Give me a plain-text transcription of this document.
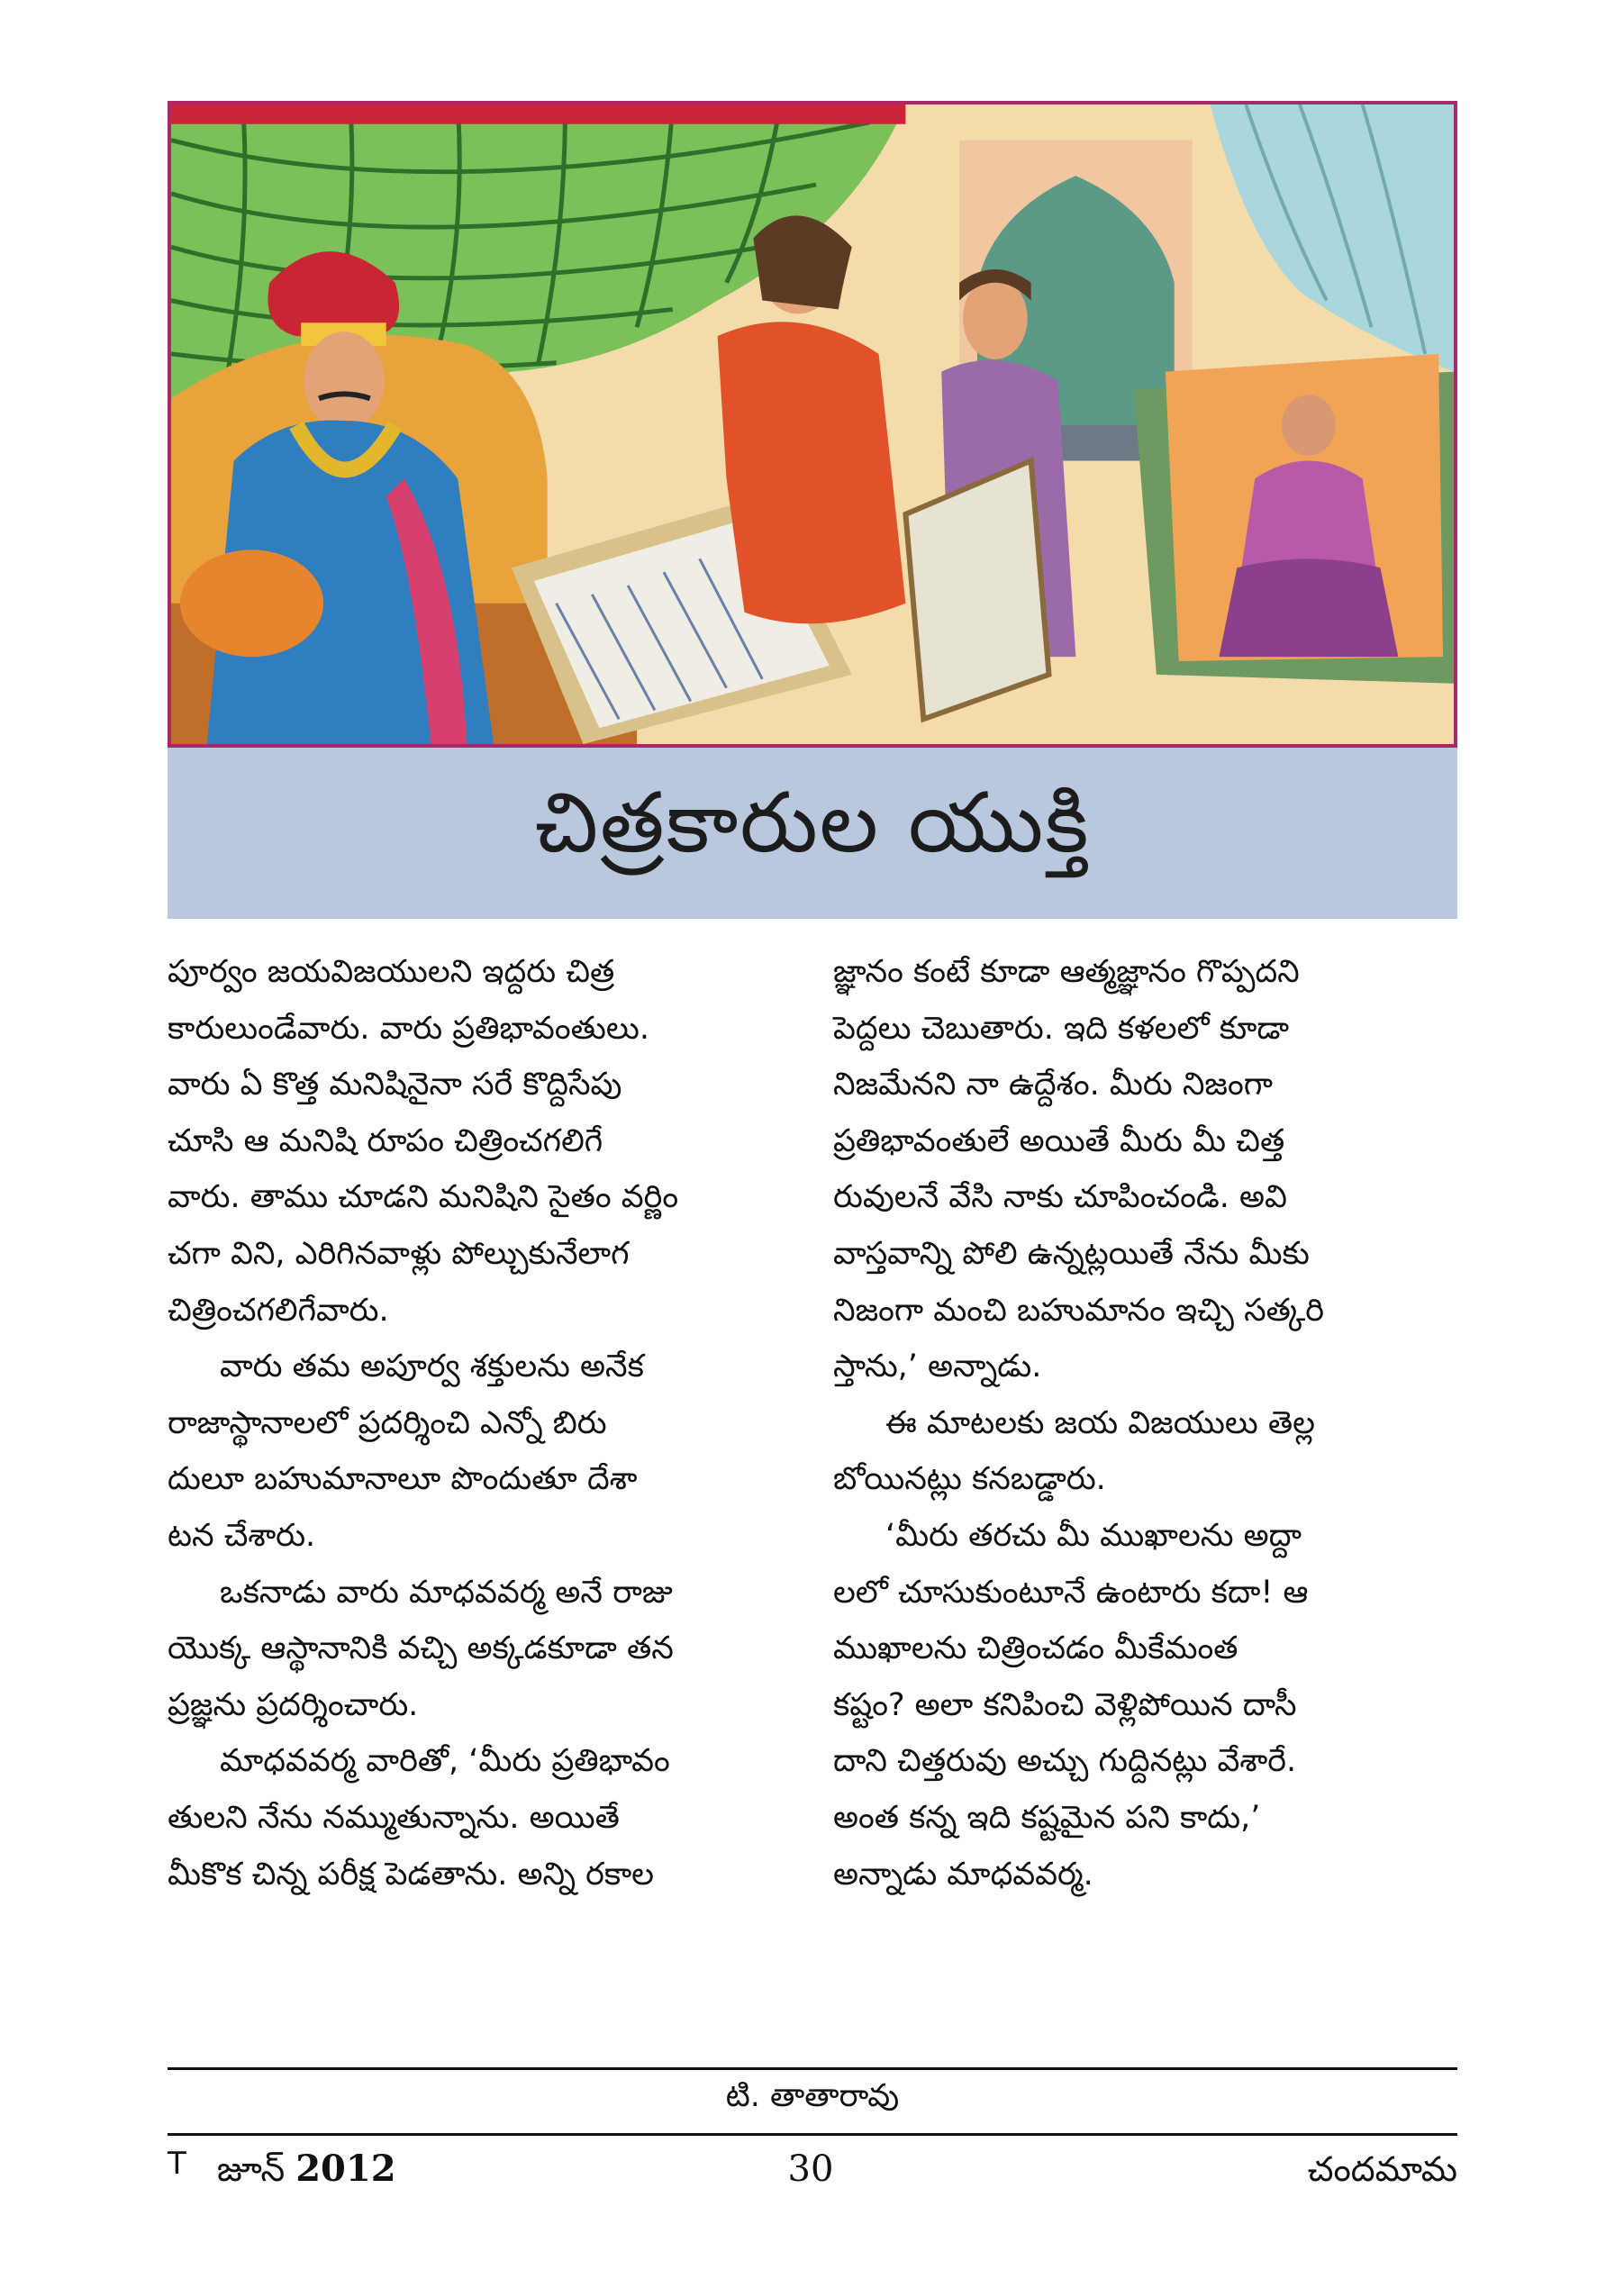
చిత్రకారుల యుక్తి

పూర్వం జయవిజయులని ఇద్దరు చిత్ర
కారులుండేవారు. వారు ప్రతిభావంతులు.
వారు ఏ కొత్త మనిషినైనా సరే కొద్దిసేపు
చూసి ఆ మనిషి రూపం చిత్రించగలిగే
వారు. తాము చూడని మనిషిని సైతం వర్ణిం
చగా విని, ఎరిగినవాళ్లు పోల్చుకునేలాగ
చిత్రించగలిగేవారు.

వారు తమ అపూర్వ శక్తులను అనేక
రాజాస్థానాలలో ప్రదర్శించి ఎన్నో బిరు
దులూ బహుమానాలూ పొందుతూ దేశా
టన చేశారు.

ఒకనాడు వారు మాధవవర్మ అనే రాజు
యొక్క ఆస్థానానికి వచ్చి అక్కడకూడా తన
ప్రజ్ఞను ప్రదర్శించారు.

మాధవవర్మ వారితో, ‘మీరు ప్రతిభావం
తులని నేను నమ్ముతున్నాను. అయితే
మీకొక చిన్న పరీక్ష పెడతాను. అన్ని రకాల

జ్ఞానం కంటే కూడా ఆత్మజ్ఞానం గొప్పదని
పెద్దలు చెబుతారు. ఇది కళలలో కూడా
నిజమేనని నా ఉద్దేశం. మీరు నిజంగా
ప్రతిభావంతులే అయితే మీరు మీ చిత్త
రువులనే వేసి నాకు చూపించండి. అవి
వాస్తవాన్ని పోలి ఉన్నట్లయితే నేను మీకు
నిజంగా మంచి బహుమానం ఇచ్చి సత్కరి
స్తాను,’ అన్నాడు.

ఈ మాటలకు జయ విజయులు తెల్ల
బోయినట్లు కనబడ్డారు.

‘మీరు తరచు మీ ముఖాలను అద్దా
లలో చూసుకుంటూనే ఉంటారు కదా! ఆ
ముఖాలను చిత్రించడం మీకేమంత
కష్టం? అలా కనిపించి వెళ్లిపోయిన దాసీ
దాని చిత్తరువు అచ్చు గుద్దినట్లు వేశారే.
అంత కన్న ఇది కష్టమైన పని కాదు,’
అన్నాడు మాధవవర్మ.

టి. తాతారావు
T జూన్ 2012	30	చందమామ
